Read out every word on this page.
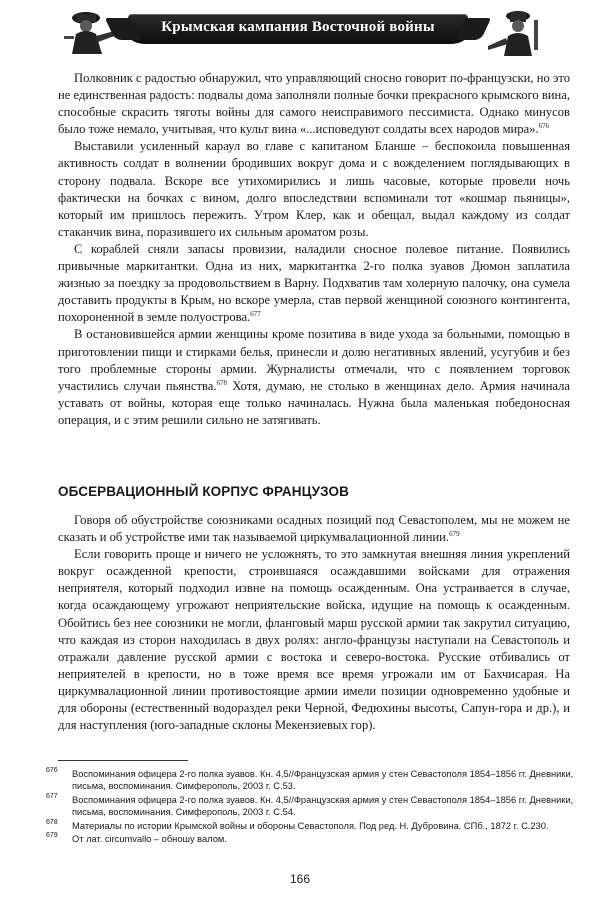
Крымская кампания Восточной войны

Полковник с радостью обнаружил, что управляющий сносно говорит по-французски, но это не единственная радость: подвалы дома заполняли полные бочки прекрасного крымского вина, способные скрасить тяготы войны для самого неисправимого пессимиста. Однако минусов было тоже немало, учитывая, что культ вина «...исповедуют солдаты всех народов мира».$^{676}$

Выставили усиленный караул во главе с капитаном Бланше – беспокоила повышенная активность солдат в волнении бродивших вокруг дома и с вожделением поглядывающих в сторону подвала. Вскоре все утихомирились и лишь часовые, которые провели ночь фактически на бочках с вином, долго впоследствии вспоминали тот «кошмар пьяницы», который им пришлось пережить. Утром Клер, как и обещал, выдал каждому из солдат стаканчик вина, поразившего их сильным ароматом розы.

С кораблей сняли запасы провизии, наладили сносное полевое питание. Появились привычные маркитантки. Одна из них, маркитантка 2-го полка зуавов Дюмон заплатила жизнью за поездку за продовольствием в Варну. Подхватив там холерную палочку, она сумела доставить продукты в Крым, но вскоре умерла, став первой женщиной союзного контингента, похороненной в земле полуострова.$^{677}$

В остановившейся армии женщины кроме позитива в виде ухода за больными, помощью в приготовлении пищи и стирками белья, принесли и долю негативных явлений, усугубив и без того проблемные стороны армии. Журналисты отмечали, что с появлением торговок участились случаи пьянства.$^{678}$ Хотя, думаю, не столько в женщинах дело. Армия начинала уставать от войны, которая еще только начиналась. Нужна была маленькая победоносная операция, и с этим решили сильно не затягивать.

ОБСЕРВАЦИОННЫЙ КОРПУС ФРАНЦУЗОВ

Говоря об обустройстве союзниками осадных позиций под Севастополем, мы не можем не сказать и об устройстве ими так называемой циркумвалационной линии.$^{679}$

Если говорить проще и ничего не усложнять, то это замкнутая внешняя линия укреплений вокруг осажденной крепости, строившаяся осаждавшими войсками для отражения неприятеля, который подходил извне на помощь осажденным. Она устраивается в случае, когда осаждающему угрожают неприятельские войска, идущие на помощь к осажденным. Обойтись без нее союзники не могли, фланговый марш русской армии так закрутил ситуацию, что каждая из сторон находилась в двух ролях: англо-французы наступали на Севастополь и отражали давление русской армии с востока и северо-востока. Русские отбивались от неприятелей в крепости, но в тоже время все время угрожали им от Бахчисарая. На циркумвалационной линии противостоящие армии имели позиции одновременно удобные и для обороны (естественный водораздел реки Черной, Федюхины высоты, Сапун-гора и др.), и для наступления (юго-западные склоны Мекензиевых гор).

676	Воспоминания офицера 2-го полка зуавов. Кн. 4,5//Французская армия у стен Севастополя 1854–1856 гг. Дневники, письма, воспоминания. Симферополь, 2003 г. С.53.
677	Воспоминания офицера 2-го полка зуавов. Кн. 4,5//Французская армия у стен Севастополя 1854–1856 гг. Дневники, письма, воспоминания. Симферополь, 2003 г. С.54.
678	Материалы по истории Крымской войны и обороны Севастополя. Под ред. Н. Дубровина. СПб., 1872 г. С.230.
679	От лат. circumvallo – обношу валом.
166
